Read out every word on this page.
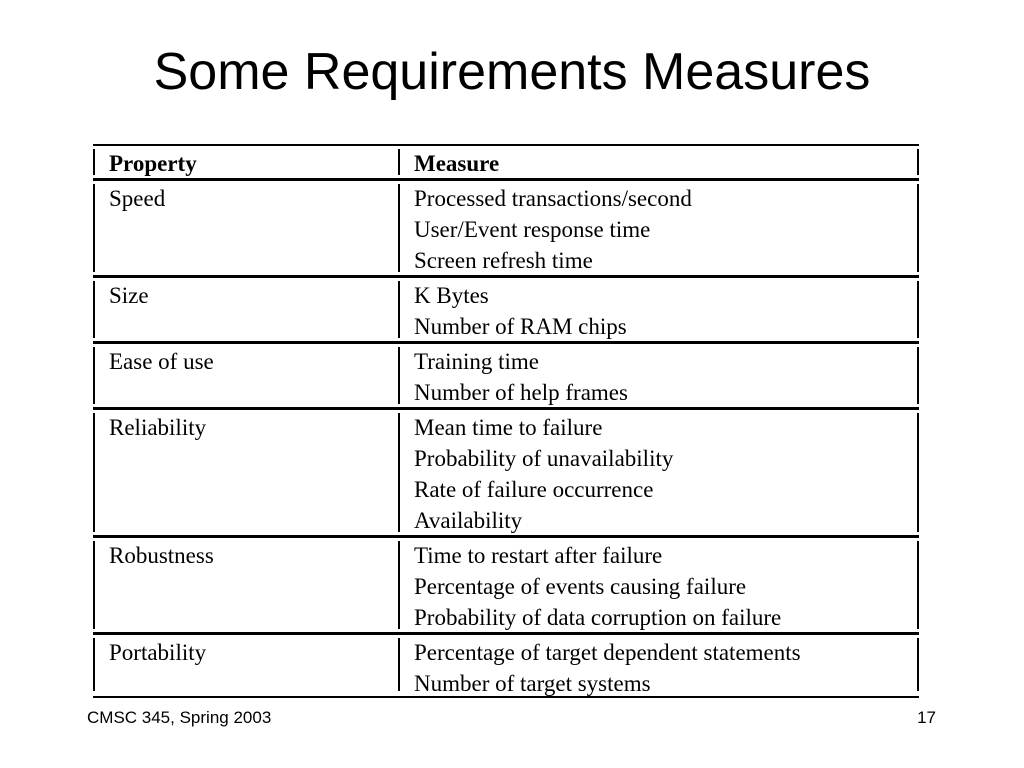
Some Requirements Measures
Property	Measure
Speed	Processed transactions/second
User/Event response time
Screen refresh time
Size	K Bytes
Number of RAM chips
Ease of use	Training time
Number of help frames
Reliability	Mean time to failure
Probability of unavailability
Rate of failure occurrence
Availability
Robustness	Time to restart after failure
Percentage of events causing failure
Probability of data corruption on failure
Portability	Percentage of target dependent statements
Number of target systems
CMSC 345, Spring 2003	17
